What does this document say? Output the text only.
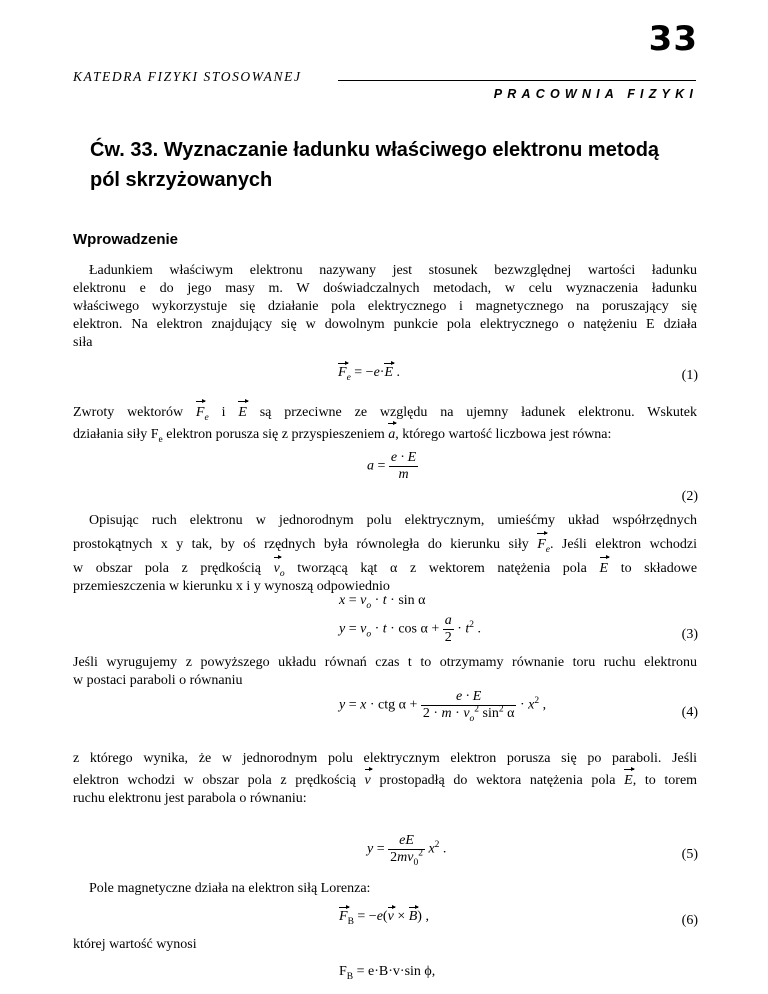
33
KATEDRA FIZYKI STOSOWANEJ
PRACOWNIA FIZYKI
Ćw. 33. Wyznaczanie ładunku właściwego elektronu metodą
pól skrzyżowanych
Wprowadzenie
Ładunkiem właściwym elektronu nazywany jest stosunek bezwzględnej wartości ładunku
elektronu e do jego masy m. W doświadczalnych metodach, w celu wyznaczenia ładunku
właściwego wykorzystuje się działanie pola elektrycznego i magnetycznego na poruszający się
elektron. Na elektron znajdujący się w dowolnym punkcie pola elektrycznego o natężeniu E działa
siła
$F_e = -e\cdot E$ .	(1)
Zwroty wektorów $F_e$ i E są przeciwne ze względu na ujemny ładunek elektronu. Wskutek
działania siły $F_e$ elektron porusza się z przyspieszeniem a, którego wartość liczbowa jest równa:
$a = \frac{e \cdot E}{m}$
(2)
Opisując ruch elektronu w jednorodnym polu elektrycznym, umieśćmy układ współrzędnych
prostokątnych x y tak, by oś rzędnych była równoległa do kierunku siły $F_e$. Jeśli elektron wchodzi
w obszar pola z prędkością $v_o$ tworzącą kąt α z wektorem natężenia pola E to składowe
przemieszczenia w kierunku x i y wynoszą odpowiednio
$x = v_o \cdot t \cdot \sin \alpha$
$y = v_o \cdot t \cdot \cos \alpha + \frac{a}{2} \cdot t^2$ .	(3)
Jeśli wyrugujemy z powyższego układu równań czas t to otrzymamy równanie toru ruchu elektronu
w postaci paraboli o równaniu
y = x · ctg $\alpha + \frac{e \cdot E}{2 \cdot m \cdot v_o^2 \sin^2 \alpha} \cdot x^2$ ,	(4)
z którego wynika, że w jednorodnym polu elektrycznym elektron porusza się po paraboli. Jeśli
elektron wchodzi w obszar pola z prędkością v prostopadłą do wektora natężenia pola E, to torem
ruchu elektronu jest parabola o równaniu:
$y = \frac{eE}{2mv_0^2} x^2$ .	(5)
Pole magnetyczne działa na elektron siłą Lorenza:
$F_B = -e(v \times B)$ ,	(6)
której wartość wynosi
$F_B = e\cdot B\cdot v\cdot\sin$ ϕ,
